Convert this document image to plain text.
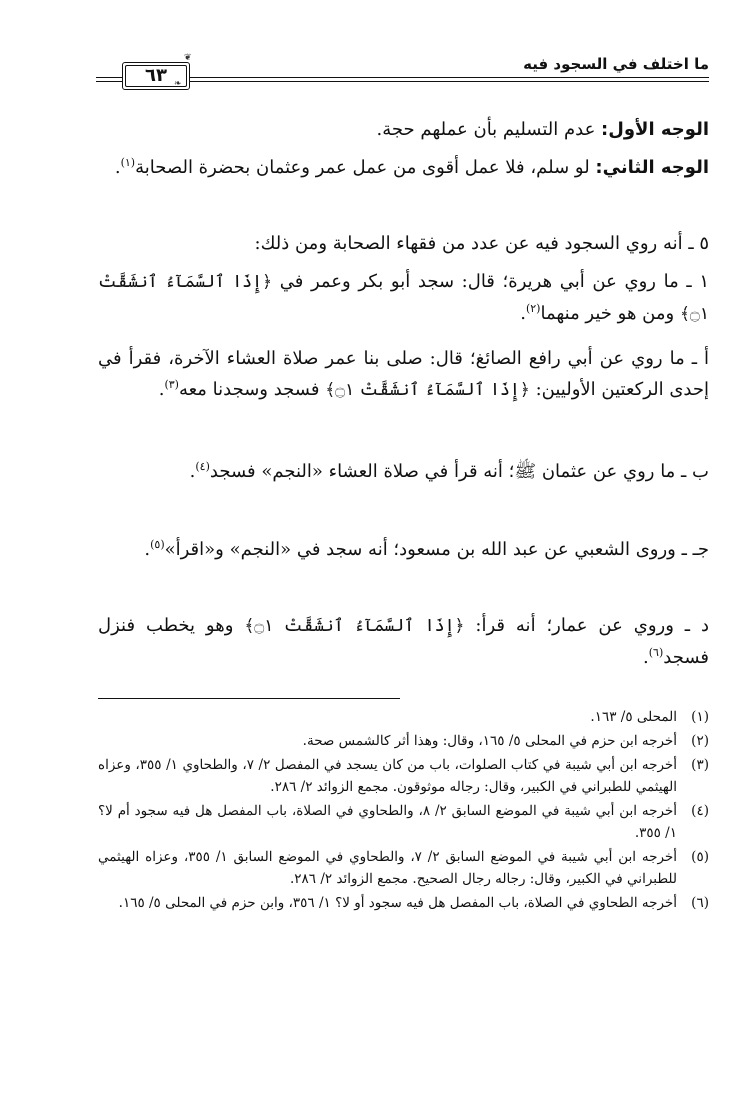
ما اختلف في السجود فيه
٦٣
❦
❧

الوجه الأول: عدم التسليم بأن عملهم حجة.

الوجه الثاني: لو سلم، فلا عمل أقوى من عمل عمر وعثمان بحضرة الصحابة$^{(١)}$.

٥ ـ أنه روي السجود فيه عن عدد من فقهاء الصحابة ومن ذلك:

١ ـ ما روي عن أبي هريرة؛ قال: سجد أبو بكر وعمر في ﴿إِذَا ٱلسَّمَآءُ ٱنشَقَّتْ ۝١﴾ ومن هو خير منهما$^{(٢)}$.

أ ـ ما روي عن أبي رافع الصائغ؛ قال: صلى بنا عمر صلاة العشاء الآخرة، فقرأ في إحدى الركعتين الأوليين: ﴿إِذَا ٱلسَّمَآءُ ٱنشَقَّتْ ۝١﴾ فسجد وسجدنا معه$^{(٣)}$.

ب ـ ما روي عن عثمان ﷺ؛ أنه قرأ في صلاة العشاء «النجم» فسجد$^{(٤)}$.

جـ ـ وروى الشعبي عن عبد الله بن مسعود؛ أنه سجد في «النجم» و«اقرأ»$^{(٥)}$.

د ـ وروي عن عمار؛ أنه قرأ: ﴿إِذَا ٱلسَّمَآءُ ٱنشَقَّتْ ۝١﴾ وهو يخطب فنزل فسجد$^{(٦)}$.

(١)
المحلى ٥/ ١٦٣.
(٢)
أخرجه ابن حزم في المحلى ٥/ ١٦٥، وقال: وهذا أثر كالشمس صحة.
(٣)
أخرجه ابن أبي شيبة في كتاب الصلوات، باب من كان يسجد في المفصل ٢/ ٧، والطحاوي ١/ ٣٥٥، وعزاه الهيثمي للطبراني في الكبير، وقال: رجاله موثوقون. مجمع الزوائد ٢/ ٢٨٦.
(٤)
أخرجه ابن أبي شيبة في الموضع السابق ٢/ ٨، والطحاوي في الصلاة، باب المفصل هل فيه سجود أم لا؟ ١/ ٣٥٥.
(٥)
أخرجه ابن أبي شيبة في الموضع السابق ٢/ ٧، والطحاوي في الموضع السابق ١/ ٣٥٥، وعزاه الهيثمي للطبراني في الكبير، وقال: رجاله رجال الصحيح. مجمع الزوائد ٢/ ٢٨٦.
(٦)
أخرجه الطحاوي في الصلاة، باب المفصل هل فيه سجود أو لا؟ ١/ ٣٥٦، وابن حزم في المحلى ٥/ ١٦٥.
